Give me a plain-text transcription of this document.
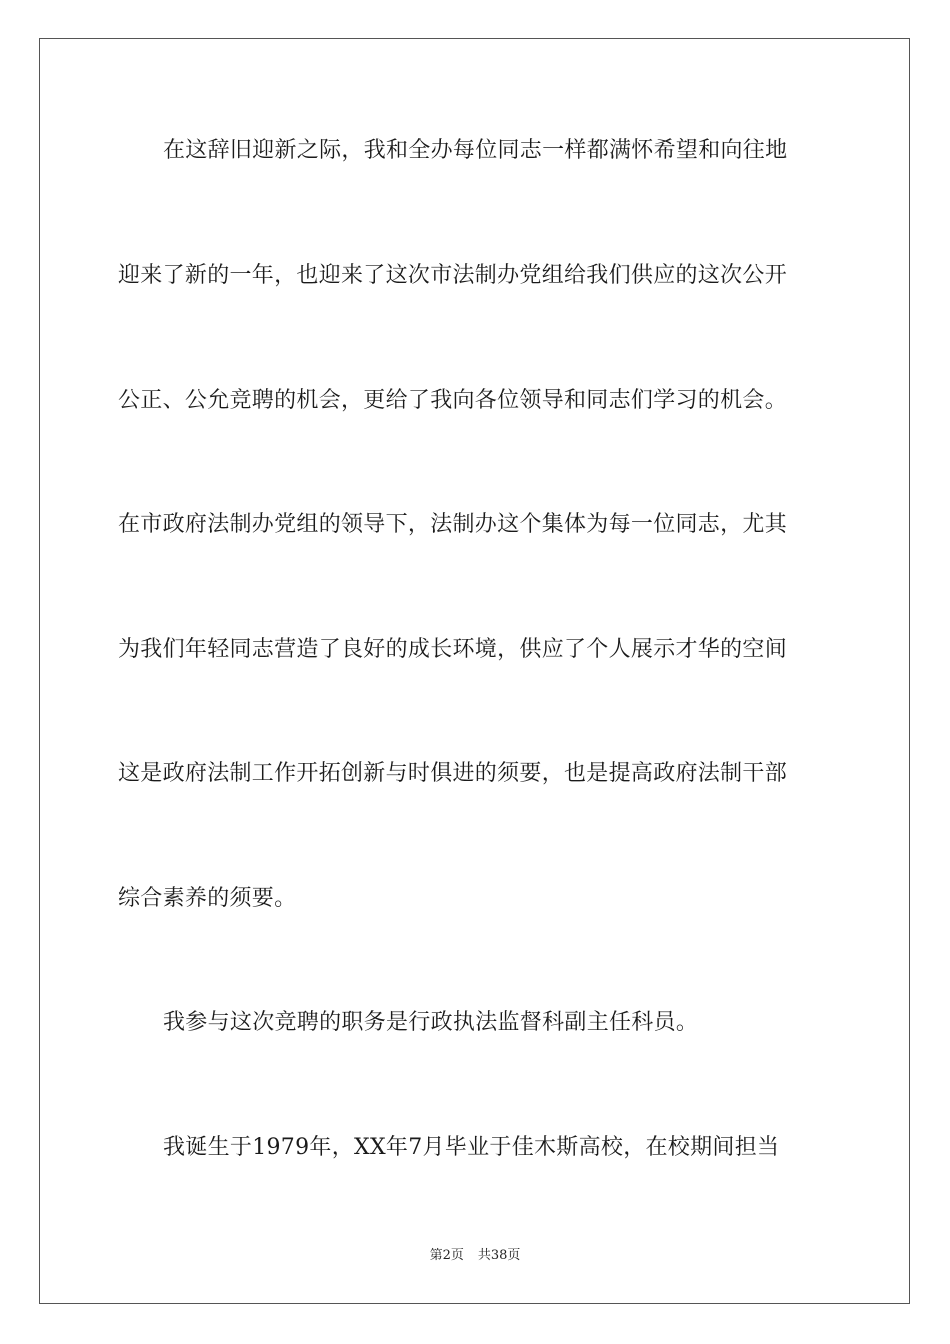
在这辞旧迎新之际，我和全办每位同志一样都满怀希望和向往地
迎来了新的一年，也迎来了这次市法制办党组给我们供应的这次公开
公正、公允竞聘的机会，更给了我向各位领导和同志们学习的机会。
在市政府法制办党组的领导下，法制办这个集体为每一位同志，尤其
为我们年轻同志营造了良好的成长环境，供应了个人展示才华的空间
这是政府法制工作开拓创新与时俱进的须要，也是提高政府法制干部
综合素养的须要。
我参与这次竞聘的职务是行政执法监督科副主任科员。
我诞生于1979年，XX年7月毕业于佳木斯高校，在校期间担当
第2页 共38页
